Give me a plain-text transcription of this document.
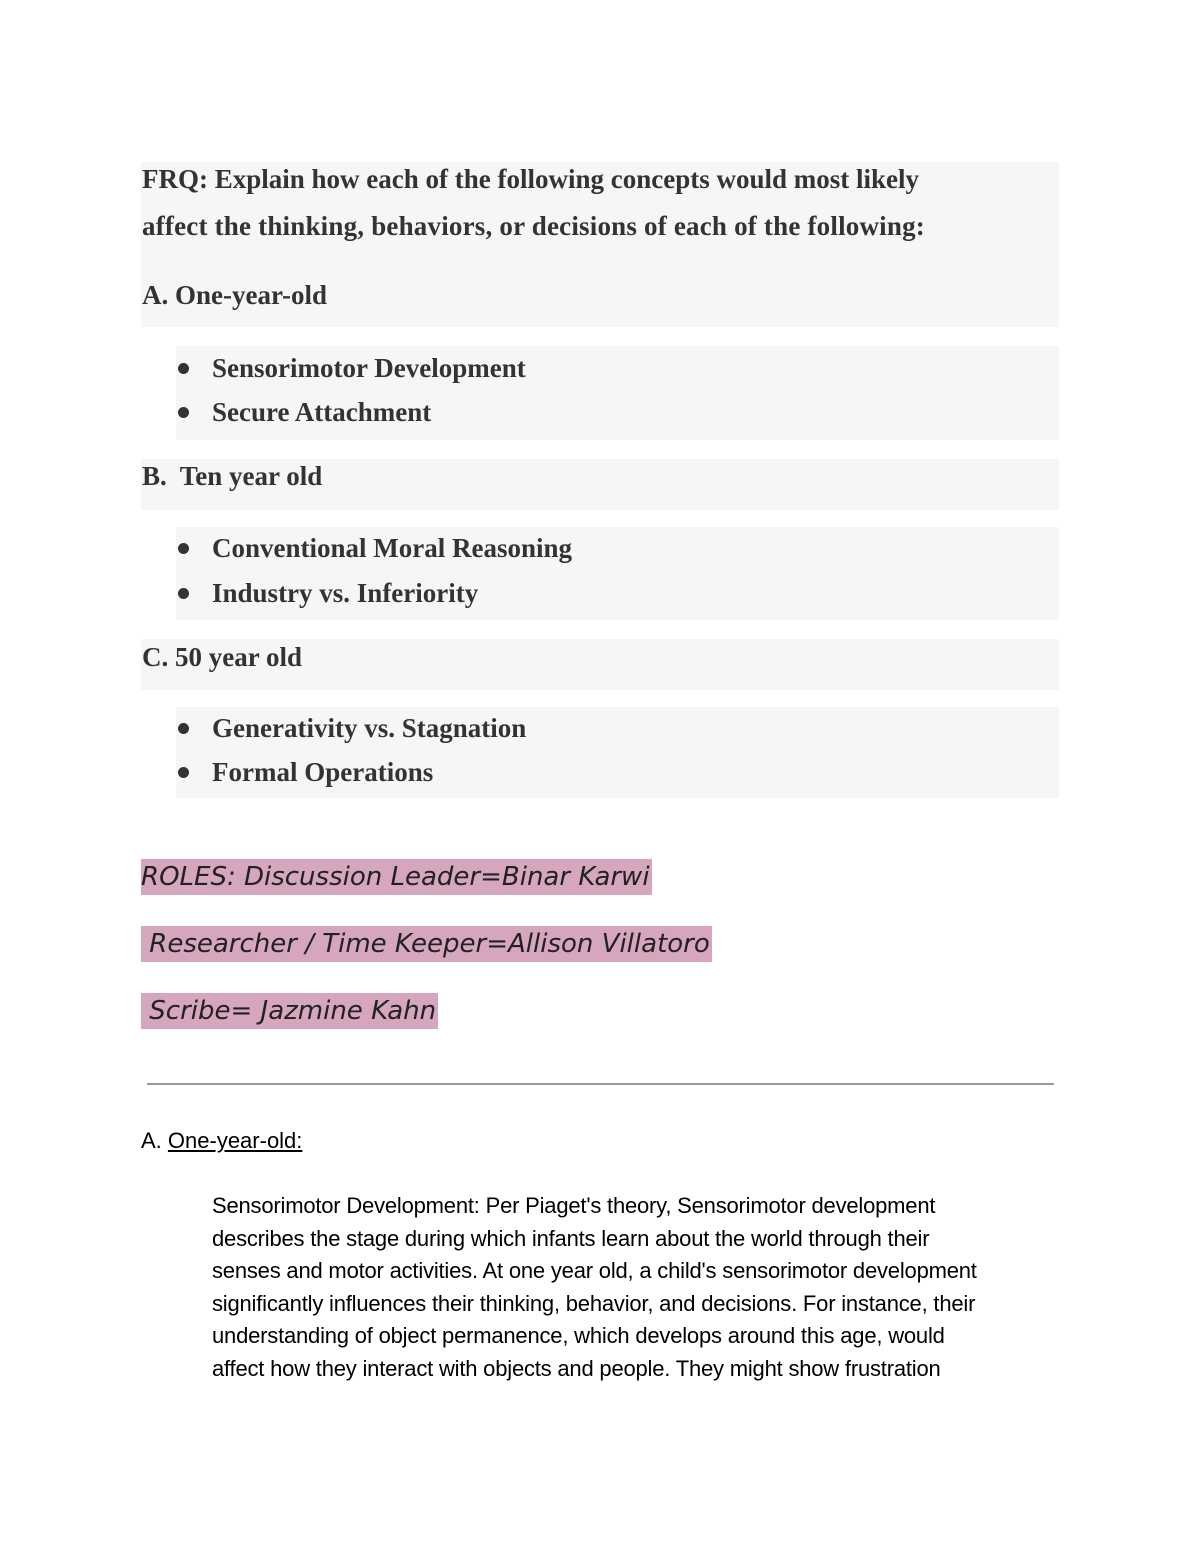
FRQ: Explain how each of the following concepts would most likely
affect the thinking, behaviors, or decisions of each of the following:
A. One-year-old
Sensorimotor Development
Secure Attachment
B.  Ten year old
Conventional Moral Reasoning
Industry vs. Inferiority
C. 50 year old
Generativity vs. Stagnation
Formal Operations
ROLES: Discussion Leader=Binar Karwi
Researcher / Time Keeper=Allison Villatoro
Scribe= Jazmine Kahn
A. One-year-old:
Sensorimotor Development: Per Piaget's theory, Sensorimotor development
describes the stage during which infants learn about the world through their
senses and motor activities. At one year old, a child's sensorimotor development
significantly influences their thinking, behavior, and decisions. For instance, their
understanding of object permanence, which develops around this age, would
affect how they interact with objects and people. They might show frustration
